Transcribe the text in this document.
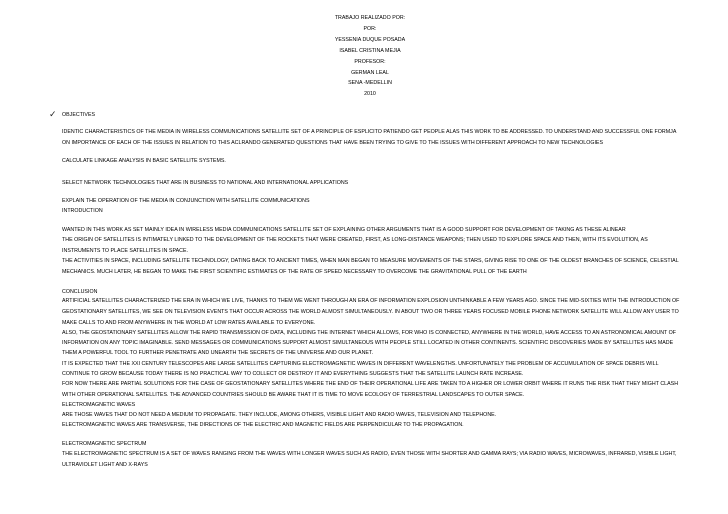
TRABAJO REALIZADO POR:
POR:
YESSENIA DUQUE POSADA
ISABEL CRISTINA MEJIA
PROFESOR:
GERMAN LEAL
SENA -MEDELLIN
2010
✓ OBJECTIVES
IDENTIC CHARACTERISTICS OF THE MEDIA IN WIRELESS COMMUNICATIONS SATELLITE SET OF A PRINCIPLE OF ESPLICITO PATIENDO GET PEOPLE ALAS THIS WORK TO BE ADDRESSED. TO UNDERSTAND AND SUCCESSFUL ONE FORMJA
ON IMPORTANCE OF EACH OF THE ISSUES IN RELATION TO THIS ACLRANDO GENERATED QUESTIONS THAT HAVE BEEN TRYING TO GIVE TO THE ISSUES WITH DIFFERENT APPROACH TO NEW TECHNOLOGIES
CALCULATE LINKAGE ANALYSIS IN BASIC SATELLITE SYSTEMS.
SELECT NETWORK TECHNOLOGIES THAT ARE IN BUSINESS TO NATIONAL AND INTERNATIONAL APPLICATIONS
EXPLAIN THE OPERATION OF THE MEDIA IN CONJUNCTION WITH SATELLITE COMMUNICATIONS
INTRODUCTION
WANTED IN THIS WORK AS SET MAINLY IDEA IN WIRELESS MEDIA COMMUNICATIONS SATELLITE SET OF EXPLAINING OTHER ARGUMENTS THAT IS A GOOD SUPPORT FOR DEVELOPMENT OF TAKING AS THESE ALINEAR
THE ORIGIN OF SATELLITES IS INTIMATELY LINKED TO THE DEVELOPMENT OF THE ROCKETS THAT WERE CREATED, FIRST, AS LONG-DISTANCE WEAPONS; THEN USED TO EXPLORE SPACE AND THEN, WITH ITS EVOLUTION, AS
INSTRUMENTS TO PLACE SATELLITES IN SPACE.
THE ACTIVITIES IN SPACE, INCLUDING SATELLITE TECHNOLOGY, DATING BACK TO ANCIENT TIMES, WHEN MAN BEGAN TO MEASURE MOVEMENTS OF THE STARS, GIVING RISE TO ONE OF THE OLDEST BRANCHES OF SCIENCE, CELESTIAL
MECHANICS. MUCH LATER, HE BEGAN TO MAKE THE FIRST SCIENTIFIC ESTIMATES OF THE RATE OF SPEED NECESSARY TO OVERCOME THE GRAVITATIONAL PULL OF THE EARTH
CONCLUSION
ARTIFICIAL SATELLITES CHARACTERIZED THE ERA IN WHICH WE LIVE, THANKS TO THEM WE WENT THROUGH AN ERA OF INFORMATION EXPLOSION UNTHINKABLE A FEW YEARS AGO. SINCE THE MID-SIXTIES WITH THE INTRODUCTION OF
GEOSTATIONARY SATELLITES, WE SEE ON TELEVISION EVENTS THAT OCCUR ACROSS THE WORLD ALMOST SIMULTANEOUSLY. IN ABOUT TWO OR THREE YEARS FOCUSED MOBILE PHONE NETWORK SATELLITE WILL ALLOW ANY USER TO
MAKE CALLS TO AND FROM ANYWHERE IN THE WORLD AT LOW RATES AVAILABLE TO EVERYONE.
ALSO, THE GEOSTATIONARY SATELLITES ALLOW THE RAPID TRANSMISSION OF DATA, INCLUDING THE INTERNET WHICH ALLOWS, FOR WHO IS CONNECTED, ANYWHERE IN THE WORLD, HAVE ACCESS TO AN ASTRONOMICAL AMOUNT OF
INFORMATION ON ANY TOPIC IMAGINABLE. SEND MESSAGES OR COMMUNICATIONS SUPPORT ALMOST SIMULTANEOUS WITH PEOPLE STILL LOCATED IN OTHER CONTINENTS. SCIENTIFIC DISCOVERIES MADE BY SATELLITES HAS MADE
THEM A POWERFUL TOOL TO FURTHER PENETRATE AND UNEARTH THE SECRETS OF THE UNIVERSE AND OUR PLANET.
IT IS EXPECTED THAT THE XXI CENTURY TELESCOPES ARE LARGE SATELLITES CAPTURING ELECTROMAGNETIC WAVES IN DIFFERENT WAVELENGTHS. UNFORTUNATELY THE PROBLEM OF ACCUMULATION OF SPACE DEBRIS WILL
CONTINUE TO GROW BECAUSE TODAY THERE IS NO PRACTICAL WAY TO COLLECT OR DESTROY IT AND EVERYTHING SUGGESTS THAT THE SATELLITE LAUNCH RATE INCREASE.
FOR NOW THERE ARE PARTIAL SOLUTIONS FOR THE CASE OF GEOSTATIONARY SATELLITES WHERE THE END OF THEIR OPERATIONAL LIFE ARE TAKEN TO A HIGHER OR LOWER ORBIT WHERE IT RUNS THE RISK THAT THEY MIGHT CLASH
WITH OTHER OPERATIONAL SATELLITES. THE ADVANCED COUNTRIES SHOULD BE AWARE THAT IT IS TIME TO MOVE ECOLOGY OF TERRESTRIAL LANDSCAPES TO OUTER SPACE.
ELECTROMAGNETIC WAVES
ARE THOSE WAVES THAT DO NOT NEED A MEDIUM TO PROPAGATE. THEY INCLUDE, AMONG OTHERS, VISIBLE LIGHT AND RADIO WAVES, TELEVISION AND TELEPHONE.
ELECTROMAGNETIC WAVES ARE TRANSVERSE, THE DIRECTIONS OF THE ELECTRIC AND MAGNETIC FIELDS ARE PERPENDICULAR TO THE PROPAGATION.
ELECTROMAGNETIC SPECTRUM
THE ELECTROMAGNETIC SPECTRUM IS A SET OF WAVES RANGING FROM THE WAVES WITH LONGER WAVES SUCH AS RADIO, EVEN THOSE WITH SHORTER AND GAMMA RAYS; VIA RADIO WAVES, MICROWAVES, INFRARED, VISIBLE LIGHT,
ULTRAVIOLET LIGHT AND X-RAYS
